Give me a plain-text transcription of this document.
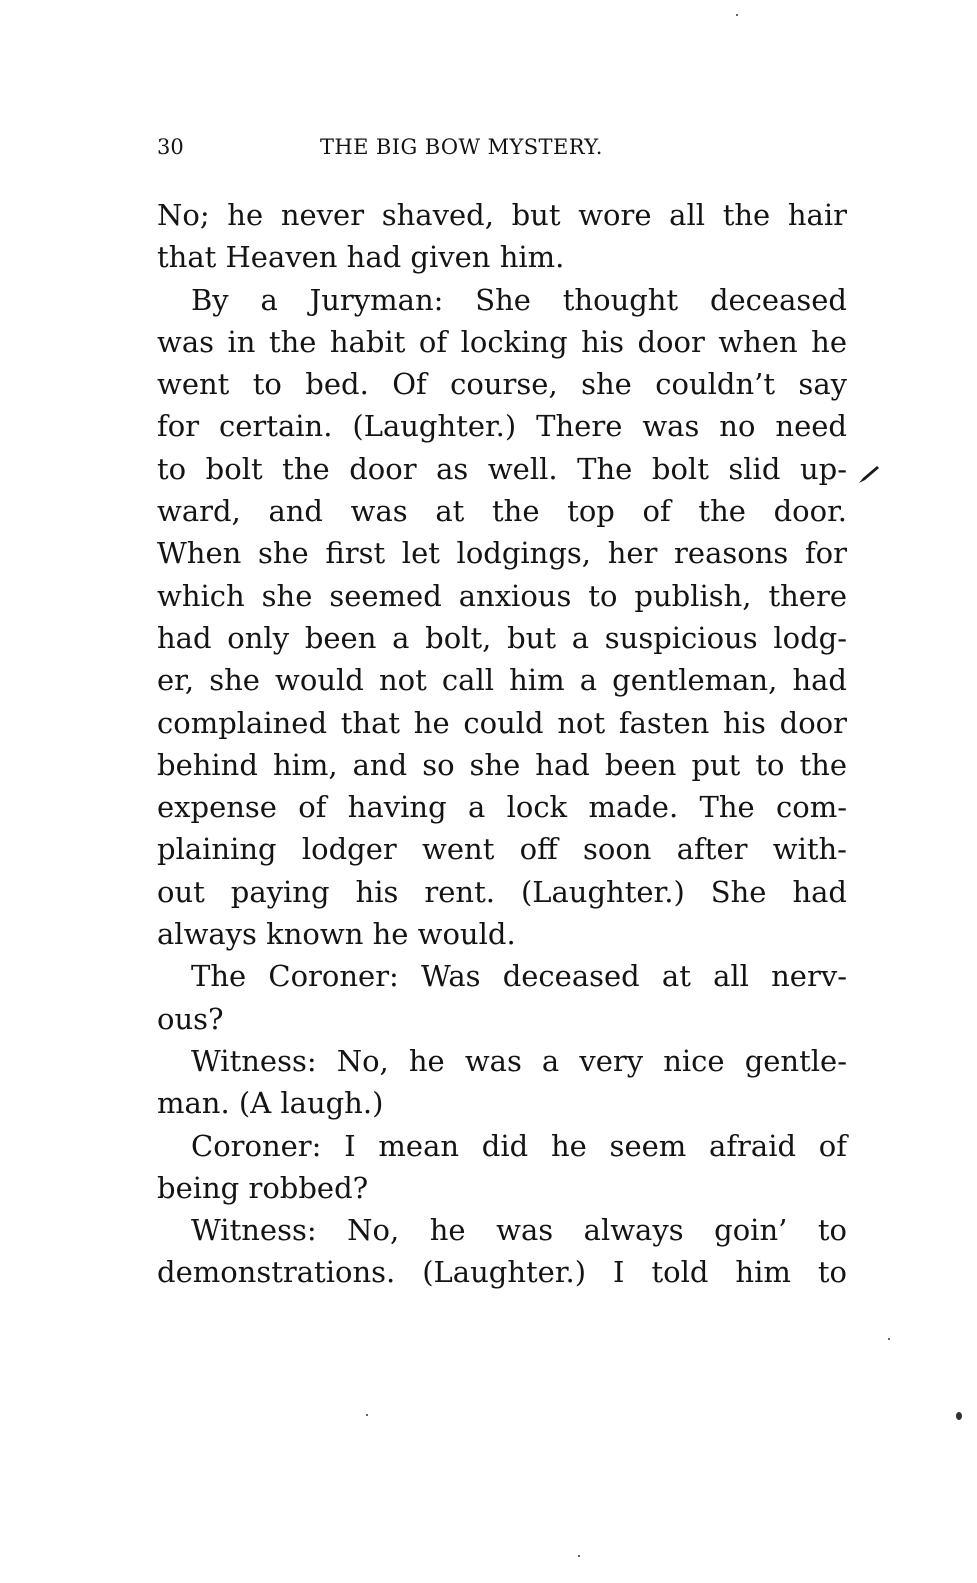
30	THE BIG BOW MYSTERY.
No; he never shaved, but wore all the hair
that Heaven had given him.
By a Juryman: She thought deceased
was in the habit of locking his door when he
went to bed. Of course, she couldn’t say
for certain. (Laughter.) There was no need
to bolt the door as well. The bolt slid up-
ward, and was at the top of the door.
When she first let lodgings, her reasons for
which she seemed anxious to publish, there
had only been a bolt, but a suspicious lodg-
er, she would not call him a gentleman, had
complained that he could not fasten his door
behind him, and so she had been put to the
expense of having a lock made. The com-
plaining lodger went off soon after with-
out paying his rent. (Laughter.) She had
always known he would.
The Coroner: Was deceased at all nerv-
ous?
Witness: No, he was a very nice gentle-
man. (A laugh.)
Coroner: I mean did he seem afraid of
being robbed?
Witness: No, he was always goin’ to
demonstrations. (Laughter.) I told him to
